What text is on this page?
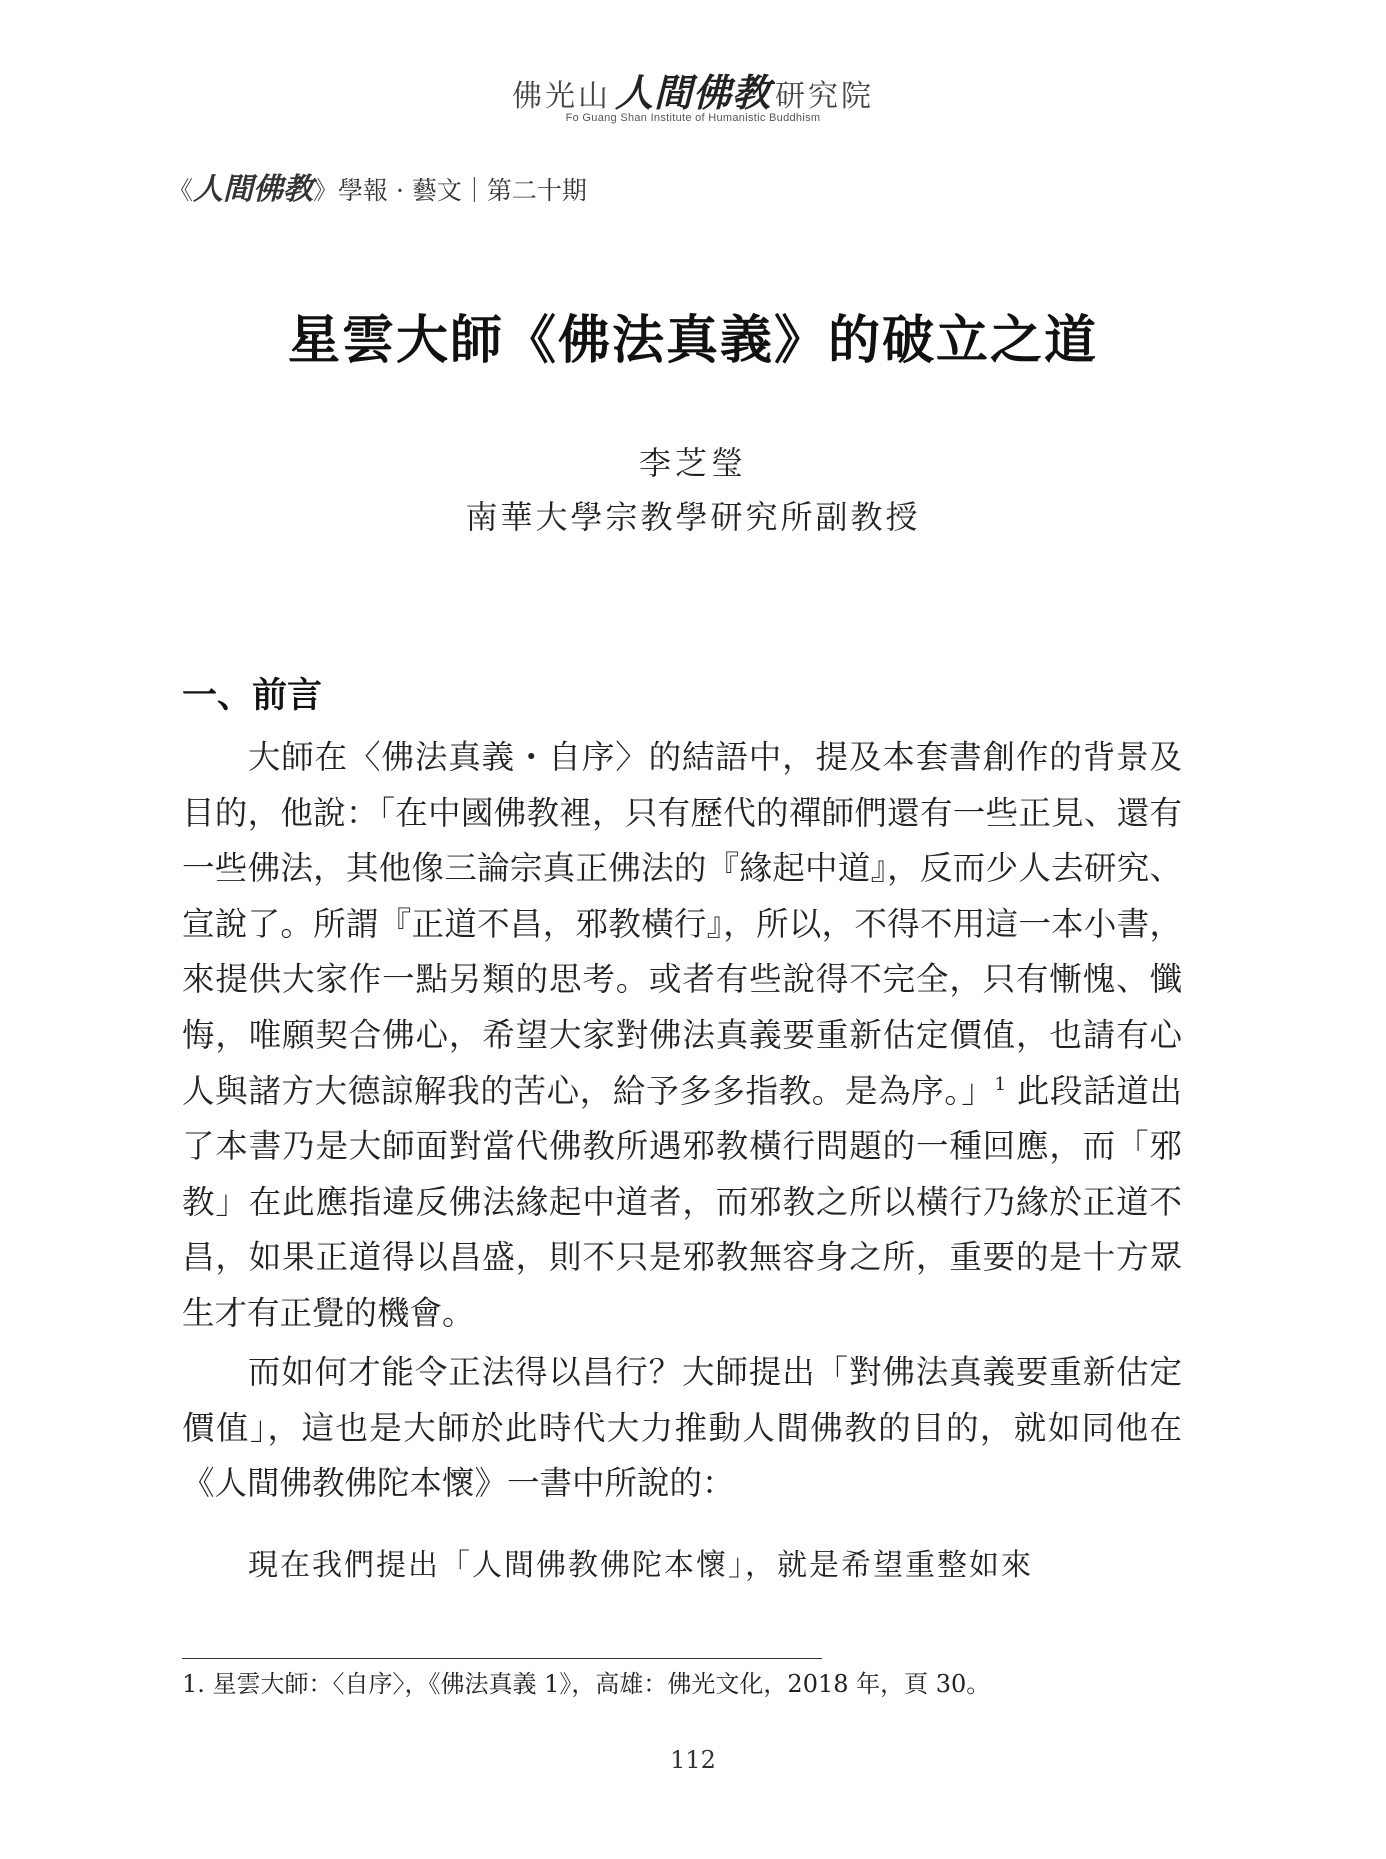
佛光山 人間佛教 研究院
Fo Guang Shan Institute of Humanistic Buddhism
《人間佛教》學報 · 藝文｜第二十期
星雲大師《佛法真義》的破立之道
李芝瑩
南華大學宗教學研究所副教授
一、前言
大師在〈佛法真義・自序〉的結語中，提及本套書創作的背景及目的，他說：「在中國佛教裡，只有歷代的禪師們還有一些正見、還有一些佛法，其他像三論宗真正佛法的『緣起中道』，反而少人去研究、宣說了。所謂『正道不昌，邪教橫行』，所以，不得不用這一本小書，來提供大家作一點另類的思考。或者有些說得不完全，只有慚愧、懺悔，唯願契合佛心，希望大家對佛法真義要重新估定價值，也請有心人與諸方大德諒解我的苦心，給予多多指教。是為序。」$^1$ 此段話道出了本書乃是大師面對當代佛教所遇邪教橫行問題的一種回應，而「邪教」在此應指違反佛法緣起中道者，而邪教之所以橫行乃緣於正道不昌，如果正道得以昌盛，則不只是邪教無容身之所，重要的是十方眾生才有正覺的機會。
而如何才能令正法得以昌行？大師提出「對佛法真義要重新估定價值」，這也是大師於此時代大力推動人間佛教的目的，就如同他在《人間佛教佛陀本懷》一書中所說的：
現在我們提出「人間佛教佛陀本懷」，就是希望重整如來
1. 星雲大師：〈自序〉，《佛法真義 1》，高雄：佛光文化，2018 年，頁 30。
112
